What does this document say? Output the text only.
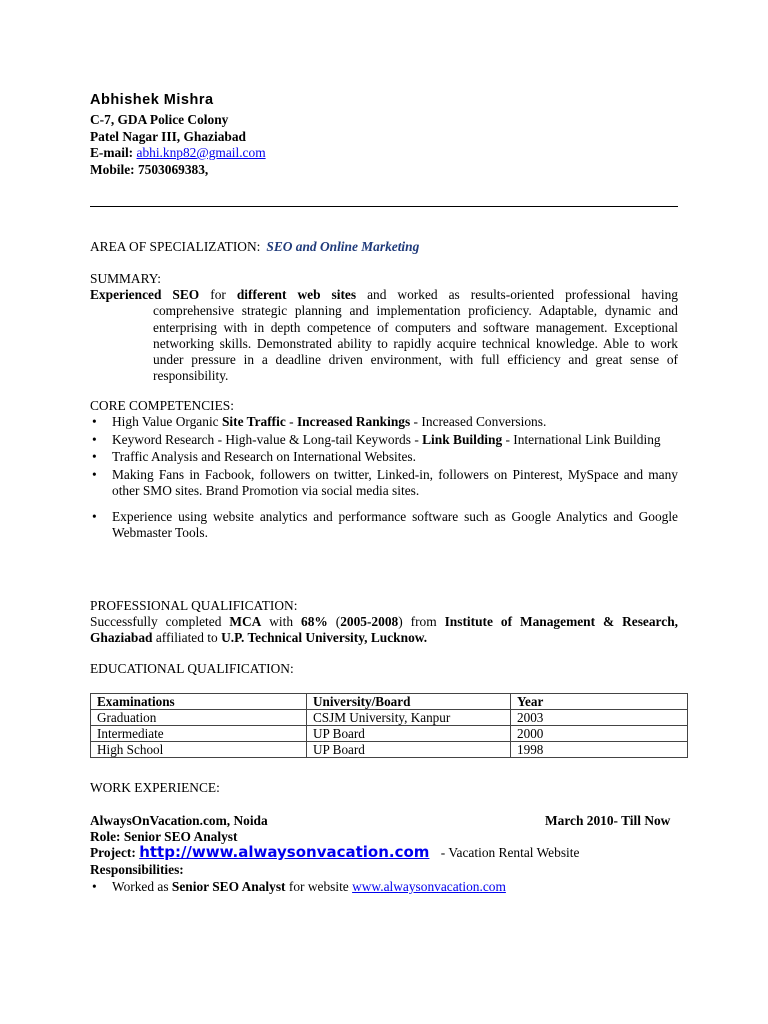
Abhishek Mishra
C-7, GDA Police Colony
Patel Nagar III, Ghaziabad
E-mail: abhi.knp82@gmail.com
Mobile: 7503069383,
AREA OF SPECIALIZATION: SEO and Online Marketing
SUMMARY:
Experienced SEO for different web sites and worked as results-oriented professional having
comprehensive strategic planning and implementation proficiency. Adaptable, dynamic and enterprising with in depth competence of computers and software management. Exceptional networking skills. Demonstrated ability to rapidly acquire technical knowledge. Able to work under pressure in a deadline driven environment, with full efficiency and great sense of responsibility.
CORE COMPETENCIES:
• High Value Organic Site Traffic - Increased Rankings - Increased Conversions.
• Keyword Research - High-value & Long-tail Keywords - Link Building - International Link Building
• Traffic Analysis and Research on International Websites.
• Making Fans in Facbook, followers on twitter, Linked-in, followers on Pinterest, MySpace and many other SMO sites. Brand Promotion via social media sites.
• Experience using website analytics and performance software such as Google Analytics and Google Webmaster Tools.
PROFESSIONAL QUALIFICATION:
Successfully completed MCA with 68% (2005-2008) from Institute of Management & Research, Ghaziabad affiliated to U.P. Technical University, Lucknow.
EDUCATIONAL QUALIFICATION:
Examinations	University/Board	Year
Graduation	CSJM University, Kanpur	2003
Intermediate	UP Board	2000
High School	UP Board	1998
WORK EXPERIENCE:
AlwaysOnVacation.com, Noida	March 2010- Till Now
Role: Senior SEO Analyst
Project: http://www.alwaysonvacation.com - Vacation Rental Website
Responsibilities:
• Worked as Senior SEO Analyst for website www.alwaysonvacation.com
